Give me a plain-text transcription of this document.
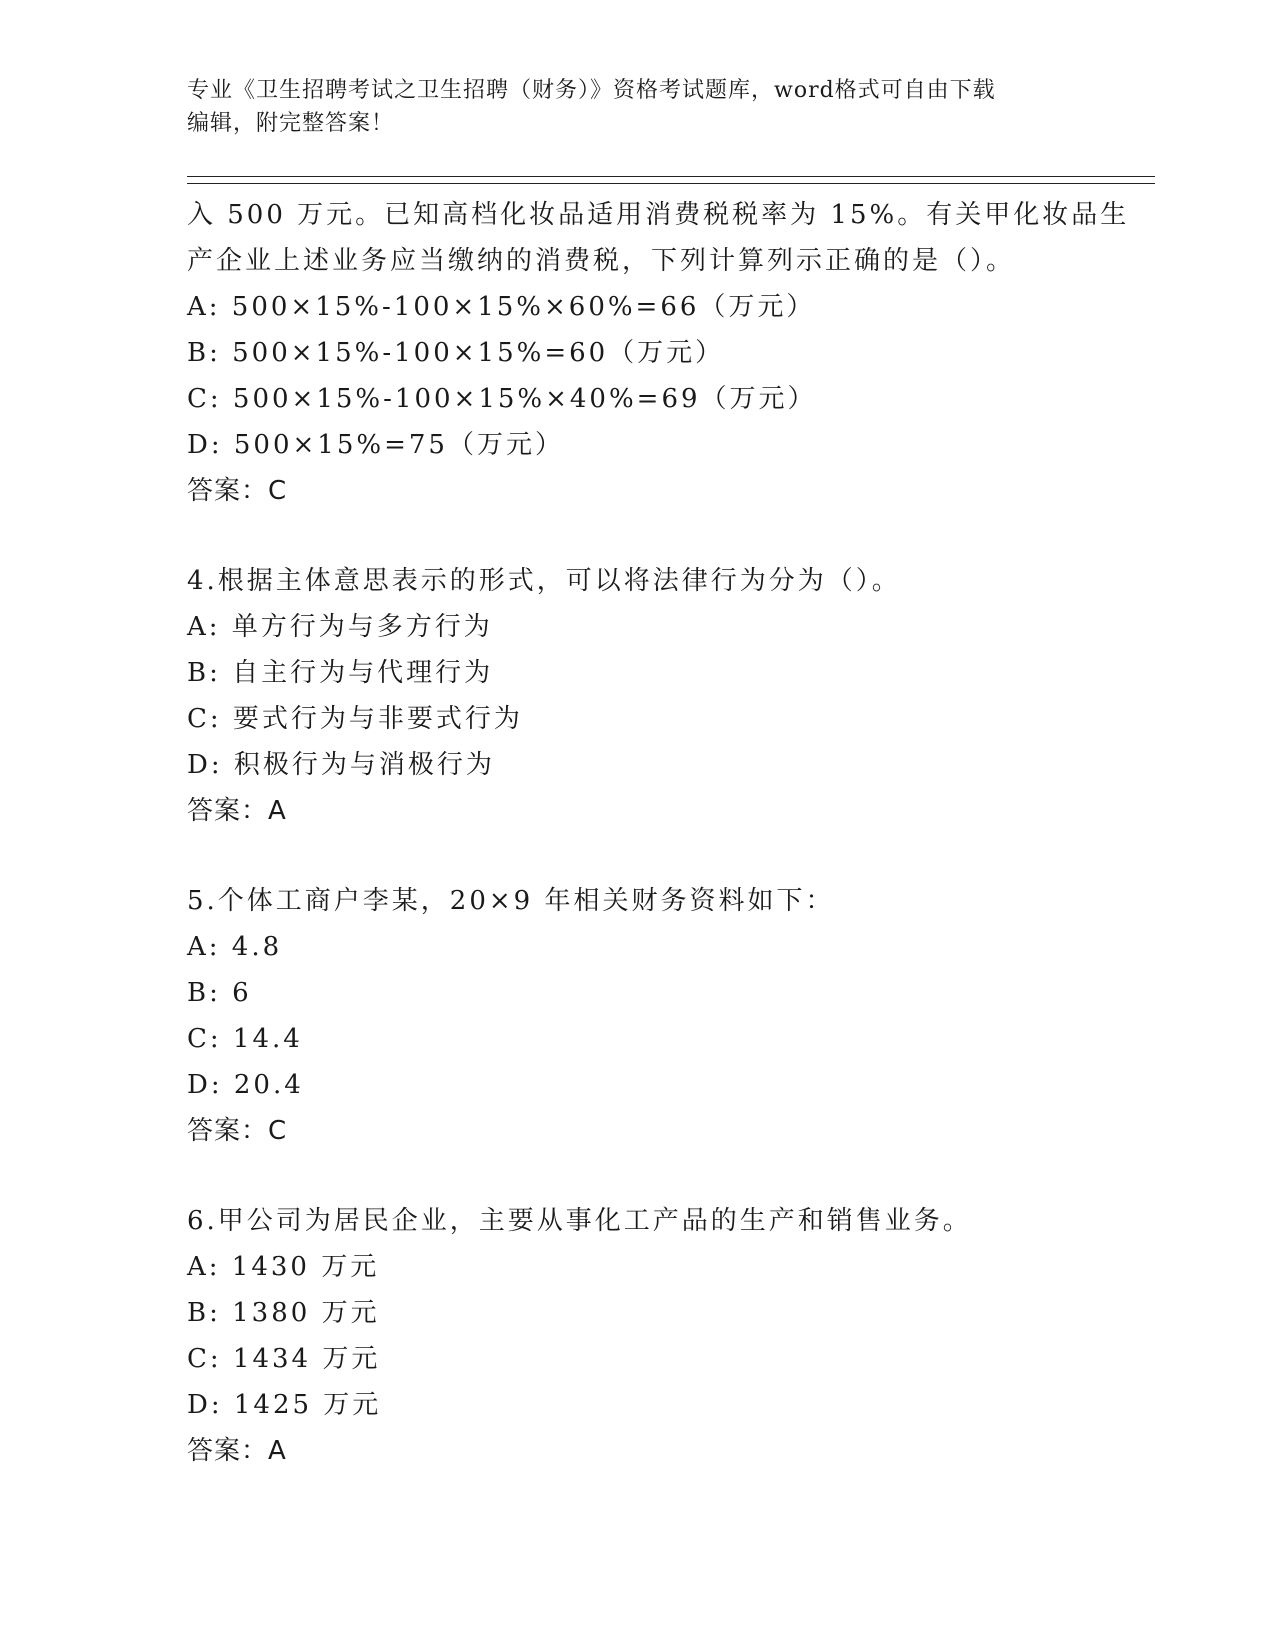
专业《卫生招聘考试之卫生招聘（财务）》资格考试题库，word格式可自由下载
编辑，附完整答案！
入 500 万元。已知高档化妆品适用消费税税率为 15%。有关甲化妆品生
产企业上述业务应当缴纳的消费税，下列计算列示正确的是（）。
A: 500×15%-100×15%×60%=66（万元）
B: 500×15%-100×15%=60（万元）
C: 500×15%-100×15%×40%=69（万元）
D: 500×15%=75（万元）
答案：C
4.根据主体意思表示的形式，可以将法律行为分为（）。
A: 单方行为与多方行为
B: 自主行为与代理行为
C: 要式行为与非要式行为
D: 积极行为与消极行为
答案：A
5.个体工商户李某，20×9 年相关财务资料如下：
A: 4.8
B: 6
C: 14.4
D: 20.4
答案：C
6.甲公司为居民企业，主要从事化工产品的生产和销售业务。
A: 1430 万元
B: 1380 万元
C: 1434 万元
D: 1425 万元
答案：A
